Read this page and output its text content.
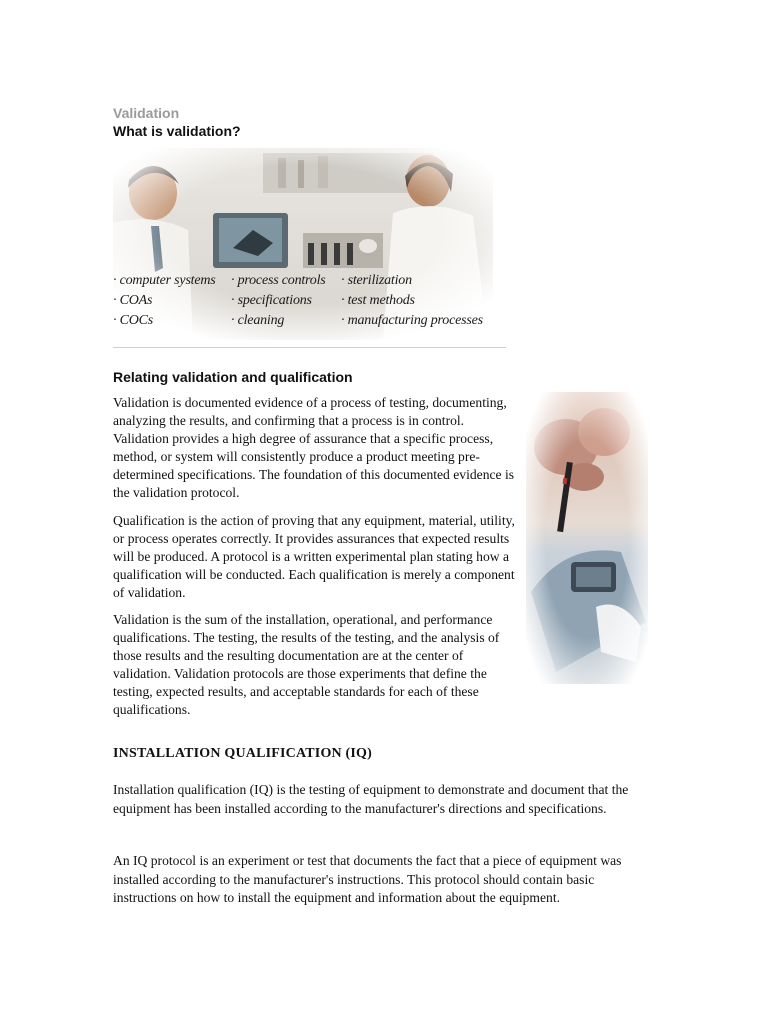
Validation
What is validation?
· computer systems · process controls · sterilization
· COAs	· specifications · test methods
· COCs	· cleaning	· manufacturing processes
Relating validation and qualification

Validation is documented evidence of a process of testing, documenting, analyzing the results, and confirming that a process is in control. Validation provides a high degree of assurance that a specific process, method, or system will consistently produce a product meeting pre-determined specifications. The foundation of this documented evidence is the validation protocol.

Qualification is the action of proving that any equipment, material, utility, or process operates correctly. It provides assurances that expected results will be produced. A protocol is a written experimental plan stating how a qualification will be conducted. Each qualification is merely a component of validation.

Validation is the sum of the installation, operational, and performance qualifications. The testing, the results of the testing, and the analysis of those results and the resulting documentation are at the center of validation. Validation protocols are those experiments that define the testing, expected results, and acceptable standards for each of these qualifications.

INSTALLATION QUALIFICATION (IQ)

Installation qualification (IQ) is the testing of equipment to demonstrate and document that the equipment has been installed according to the manufacturer's directions and specifications.

An IQ protocol is an experiment or test that documents the fact that a piece of equipment was installed according to the manufacturer's instructions. This protocol should contain basic instructions on how to install the equipment and information about the equipment.
